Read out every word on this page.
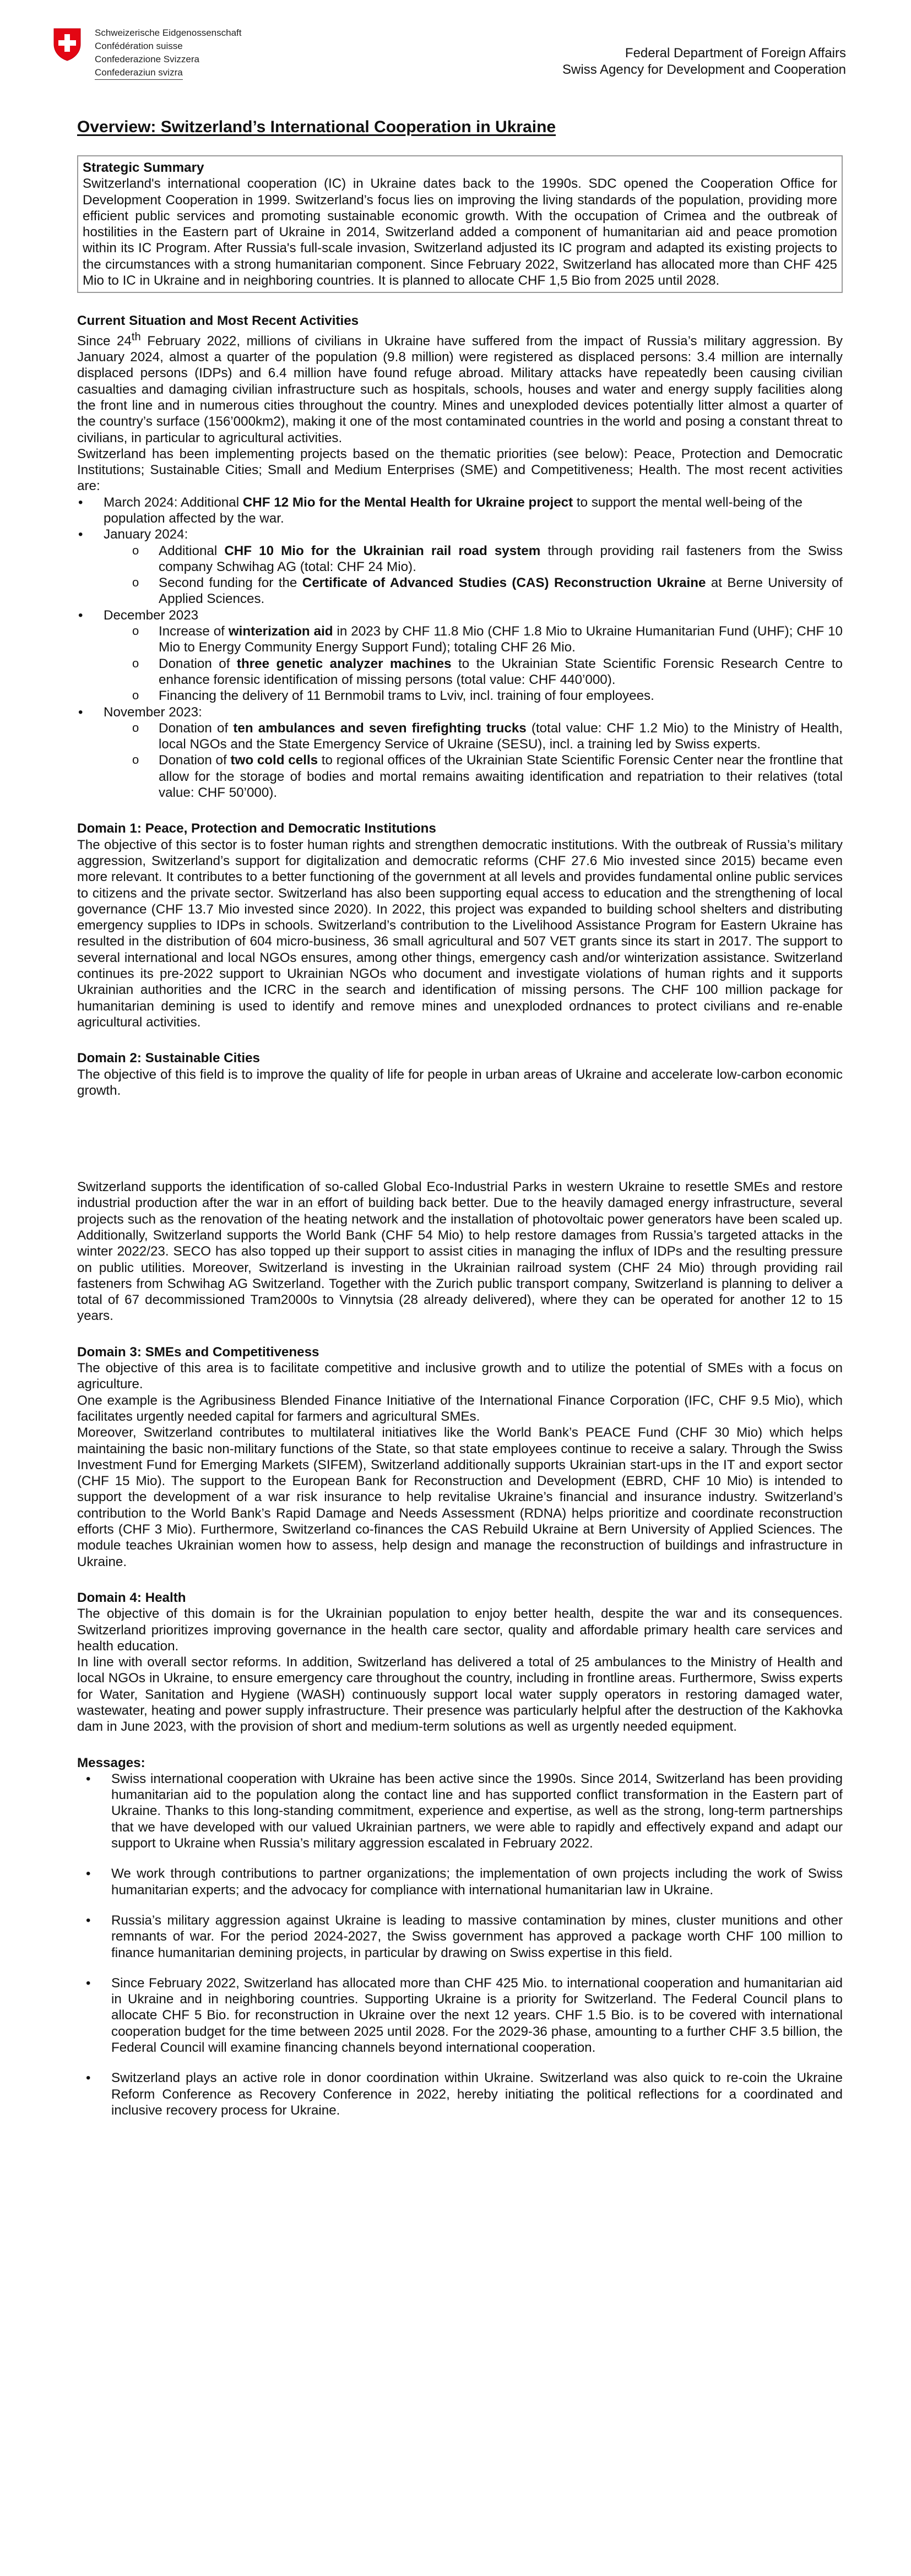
Schweizerische Eidgenossenschaft
Confédération suisse
Confederazione Svizzera
Confederaziun svizra
Federal Department of Foreign Affairs
Swiss Agency for Development and Cooperation
Overview: Switzerland’s International Cooperation in Ukraine

Strategic Summary

Switzerland's international cooperation (IC) in Ukraine dates back to the 1990s. SDC opened the Cooperation Office for Development Cooperation in 1999. Switzerland’s focus lies on improving the living standards of the population, providing more efficient public services and promoting sustainable economic growth. With the occupation of Crimea and the outbreak of hostilities in the Eastern part of Ukraine in 2014, Switzerland added a component of humanitarian aid and peace promotion within its IC Program. After Russia's full-scale invasion, Switzerland adjusted its IC program and adapted its existing projects to the circumstances with a strong humanitarian component. Since February 2022, Switzerland has allocated more than CHF 425 Mio to IC in Ukraine and in neighboring countries. It is planned to allocate CHF 1,5 Bio from 2025 until 2028.

Current Situation and Most Recent Activities

Since 24th February 2022, millions of civilians in Ukraine have suffered from the impact of Russia’s military aggression. By January 2024, almost a quarter of the population (9.8 million) were registered as displaced persons: 3.4 million are internally displaced persons (IDPs) and 6.4 million have found refuge abroad. Military attacks have repeatedly been causing civilian casualties and damaging civilian infrastructure such as hospitals, schools, houses and water and energy supply facilities along the front line and in numerous cities throughout the country. Mines and unexploded devices potentially litter almost a quarter of the country’s surface (156’000km2), making it one of the most contaminated countries in the world and posing a constant threat to civilians, in particular to agricultural activities.

Switzerland has been implementing projects based on the thematic priorities (see below): Peace, Protection and Democratic Institutions; Sustainable Cities; Small and Medium Enterprises (SME) and Competitiveness; Health. The most recent activities are:

• March 2024: Additional CHF 12 Mio for the Mental Health for Ukraine project to support the mental well-being of the population affected by the war.
• January 2024:
o Additional CHF 10 Mio for the Ukrainian rail road system through providing rail fasteners from the Swiss company Schwihag AG (total: CHF 24 Mio).
o Second funding for the Certificate of Advanced Studies (CAS) Reconstruction Ukraine at Berne University of Applied Sciences.
• December 2023
o Increase of winterization aid in 2023 by CHF 11.8 Mio (CHF 1.8 Mio to Ukraine Humanitarian Fund (UHF); CHF 10 Mio to Energy Community Energy Support Fund); totaling CHF 26 Mio.
o Donation of three genetic analyzer machines to the Ukrainian State Scientific Forensic Research Centre to enhance forensic identification of missing persons (total value: CHF 440’000).
o Financing the delivery of 11 Bernmobil trams to Lviv, incl. training of four employees.
• November 2023:
o Donation of ten ambulances and seven firefighting trucks (total value: CHF 1.2 Mio) to the Ministry of Health, local NGOs and the State Emergency Service of Ukraine (SESU), incl. a training led by Swiss experts.
o Donation of two cold cells to regional offices of the Ukrainian State Scientific Forensic Center near the frontline that allow for the storage of bodies and mortal remains awaiting identification and repatriation to their relatives (total value: CHF 50’000).

Domain 1: Peace, Protection and Democratic Institutions

The objective of this sector is to foster human rights and strengthen democratic institutions. With the outbreak of Russia’s military aggression, Switzerland’s support for digitalization and democratic reforms (CHF 27.6 Mio invested since 2015) became even more relevant. It contributes to a better functioning of the government at all levels and provides fundamental online public services to citizens and the private sector. Switzerland has also been supporting equal access to education and the strengthening of local governance (CHF 13.7 Mio invested since 2020). In 2022, this project was expanded to building school shelters and distributing emergency supplies to IDPs in schools. Switzerland’s contribution to the Livelihood Assistance Program for Eastern Ukraine has resulted in the distribution of 604 micro-business, 36 small agricultural and 507 VET grants since its start in 2017. The support to several international and local NGOs ensures, among other things, emergency cash and/or winterization assistance. Switzerland continues its pre-2022 support to Ukrainian NGOs who document and investigate violations of human rights and it supports Ukrainian authorities and the ICRC in the search and identification of missing persons. The CHF 100 million package for humanitarian demining is used to identify and remove mines and unexploded ordnances to protect civilians and re-enable agricultural activities.

Domain 2: Sustainable Cities

The objective of this field is to improve the quality of life for people in urban areas of Ukraine and accelerate low-carbon economic growth.

Switzerland supports the identification of so-called Global Eco-Industrial Parks in western Ukraine to resettle SMEs and restore industrial production after the war in an effort of building back better. Due to the heavily damaged energy infrastructure, several projects such as the renovation of the heating network and the installation of photovoltaic power generators have been scaled up. Additionally, Switzerland supports the World Bank (CHF 54 Mio) to help restore damages from Russia’s targeted attacks in the winter 2022/23. SECO has also topped up their support to assist cities in managing the influx of IDPs and the resulting pressure on public utilities. Moreover, Switzerland is investing in the Ukrainian railroad system (CHF 24 Mio) through providing rail fasteners from Schwihag AG Switzerland. Together with the Zurich public transport company, Switzerland is planning to deliver a total of 67 decommissioned Tram2000s to Vinnytsia (28 already delivered), where they can be operated for another 12 to 15 years.

Domain 3: SMEs and Competitiveness

The objective of this area is to facilitate competitive and inclusive growth and to utilize the potential of SMEs with a focus on agriculture.

One example is the Agribusiness Blended Finance Initiative of the International Finance Corporation (IFC, CHF 9.5 Mio), which facilitates urgently needed capital for farmers and agricultural SMEs.

Moreover, Switzerland contributes to multilateral initiatives like the World Bank’s PEACE Fund (CHF 30 Mio) which helps maintaining the basic non-military functions of the State, so that state employees continue to receive a salary. Through the Swiss Investment Fund for Emerging Markets (SIFEM), Switzerland additionally supports Ukrainian start-ups in the IT and export sector (CHF 15 Mio). The support to the European Bank for Reconstruction and Development (EBRD, CHF 10 Mio) is intended to support the development of a war risk insurance to help revitalise Ukraine’s financial and insurance industry. Switzerland’s contribution to the World Bank’s Rapid Damage and Needs Assessment (RDNA) helps prioritize and coordinate reconstruction efforts (CHF 3 Mio). Furthermore, Switzerland co-finances the CAS Rebuild Ukraine at Bern University of Applied Sciences. The module teaches Ukrainian women how to assess, help design and manage the reconstruction of buildings and infrastructure in Ukraine.

Domain 4: Health

The objective of this domain is for the Ukrainian population to enjoy better health, despite the war and its consequences. Switzerland prioritizes improving governance in the health care sector, quality and affordable primary health care services and health education.

In line with overall sector reforms. In addition, Switzerland has delivered a total of 25 ambulances to the Ministry of Health and local NGOs in Ukraine, to ensure emergency care throughout the country, including in frontline areas. Furthermore, Swiss experts for Water, Sanitation and Hygiene (WASH) continuously support local water supply operators in restoring damaged water, wastewater, heating and power supply infrastructure. Their presence was particularly helpful after the destruction of the Kakhovka dam in June 2023, with the provision of short and medium-term solutions as well as urgently needed equipment.

Messages:

• Swiss international cooperation with Ukraine has been active since the 1990s. Since 2014, Switzerland has been providing humanitarian aid to the population along the contact line and has supported conflict transformation in the Eastern part of Ukraine. Thanks to this long-standing commitment, experience and expertise, as well as the strong, long-term partnerships that we have developed with our valued Ukrainian partners, we were able to rapidly and effectively expand and adapt our support to Ukraine when Russia’s military aggression escalated in February 2022.
• We work through contributions to partner organizations; the implementation of own projects including the work of Swiss humanitarian experts; and the advocacy for compliance with international humanitarian law in Ukraine.
• Russia’s military aggression against Ukraine is leading to massive contamination by mines, cluster munitions and other remnants of war. For the period 2024-2027, the Swiss government has approved a package worth CHF 100 million to finance humanitarian demining projects, in particular by drawing on Swiss expertise in this field.
• Since February 2022, Switzerland has allocated more than CHF 425 Mio. to international cooperation and humanitarian aid in Ukraine and in neighboring countries. Supporting Ukraine is a priority for Switzerland. The Federal Council plans to allocate CHF 5 Bio. for reconstruction in Ukraine over the next 12 years. CHF 1.5 Bio. is to be covered with international cooperation budget for the time between 2025 until 2028. For the 2029-36 phase, amounting to a further CHF 3.5 billion, the Federal Council will examine financing channels beyond international cooperation.
• Switzerland plays an active role in donor coordination within Ukraine. Switzerland was also quick to re-coin the Ukraine Reform Conference as Recovery Conference in 2022, hereby initiating the political reflections for a coordinated and inclusive recovery process for Ukraine.
